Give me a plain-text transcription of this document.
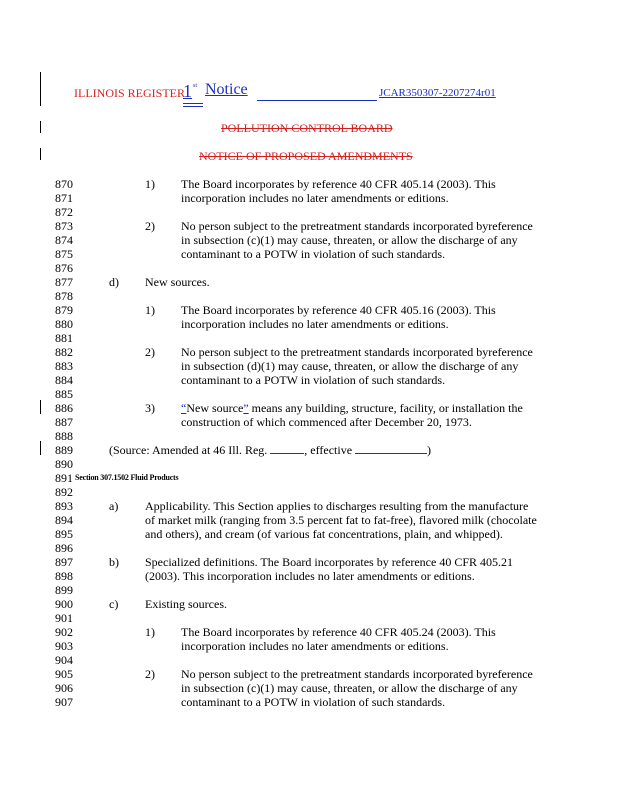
ILLINOIS REGISTER
1 st Notice	JCAR350307-2207274r01
POLLUTION CONTROL BOARD
NOTICE OF PROPOSED AMENDMENTS
870
871
872
873
874
875
876
877
878
879
880
881
882
883
884
885
886
887
888
889
890
891
892
893
894
895
896
897
898
899
900
901
902
903
904
905
906
907
1) The Board incorporates by reference 40 CFR 405.14 (2003). This
incorporation includes no later amendments or editions.
2) No person subject to the pretreatment standards incorporated byreference
in subsection (c)(1) may cause, threaten, or allow the discharge of any
contaminant to a POTW in violation of such standards.
d) New sources.
1) The Board incorporates by reference 40 CFR 405.16 (2003). This
incorporation includes no later amendments or editions.
2) No person subject to the pretreatment standards incorporated byreference
in subsection (d)(1) may cause, threaten, or allow the discharge of any
contaminant to a POTW in violation of such standards.
3) “New source” means any building, structure, facility, or installation the
construction of which commenced after December 20, 1973.
(Source: Amended at 46 Ill. Reg.	, effective	)
Section 307.1502 Fluid Products
a) Applicability. This Section applies to discharges resulting from the manufacture
of market milk (ranging from 3.5 percent fat to fat-free), flavored milk (chocolate
and others), and cream (of various fat concentrations, plain, and whipped).
b) Specialized definitions. The Board incorporates by reference 40 CFR 405.21
(2003). This incorporation includes no later amendments or editions.
c) Existing sources.
1) The Board incorporates by reference 40 CFR 405.24 (2003). This
incorporation includes no later amendments or editions.
2) No person subject to the pretreatment standards incorporated byreference
in subsection (c)(1) may cause, threaten, or allow the discharge of any
contaminant to a POTW in violation of such standards.
